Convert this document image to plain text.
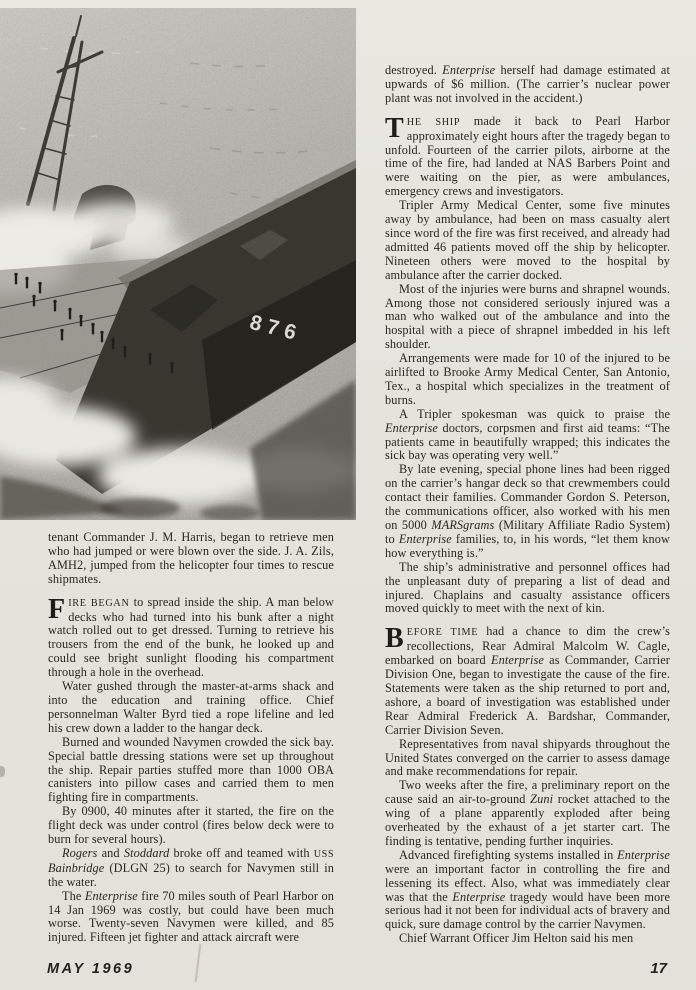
876

tenant Commander J. M. Harris, began to retrieve men who had jumped or were blown over the side. J. A. Zils, AMH2, jumped from the helicopter four times to rescue shipmates.

FIRE BEGAN to spread inside the ship. A man below decks who had turned into his bunk after a night watch rolled out to get dressed. Turning to retrieve his trousers from the end of the bunk, he looked up and could see bright sunlight flooding his compartment through a hole in the overhead.

Water gushed through the master-at-arms shack and into the education and training office. Chief personnelman Walter Byrd tied a rope lifeline and led his crew down a ladder to the hangar deck.

Burned and wounded Navymen crowded the sick bay. Special battle dressing stations were set up throughout the ship. Repair parties stuffed more than 1000 OBA canisters into pillow cases and carried them to men fighting fire in compartments.

By 0900, 40 minutes after it started, the fire on the flight deck was under control (fires below deck were to burn for several hours).

Rogers and Stoddard broke off and teamed with USS Bainbridge (DLGN 25) to search for Navymen still in the water.

The Enterprise fire 70 miles south of Pearl Harbor on 14 Jan 1969 was costly, but could have been much worse. Twenty-seven Navymen were killed, and 85 injured. Fifteen jet fighter and attack aircraft were

destroyed. Enterprise herself had damage estimated at upwards of $6 million. (The carrier’s nuclear power plant was not involved in the accident.)

THE SHIP made it back to Pearl Harbor approximately eight hours after the tragedy began to unfold. Fourteen of the carrier pilots, airborne at the time of the fire, had landed at NAS Barbers Point and were waiting on the pier, as were ambulances, emergency crews and investigators.

Tripler Army Medical Center, some five minutes away by ambulance, had been on mass casualty alert since word of the fire was first received, and already had admitted 46 patients moved off the ship by helicopter. Nineteen others were moved to the hospital by ambulance after the carrier docked.

Most of the injuries were burns and shrapnel wounds. Among those not considered seriously injured was a man who walked out of the ambulance and into the hospital with a piece of shrapnel imbedded in his left shoulder.

Arrangements were made for 10 of the injured to be airlifted to Brooke Army Medical Center, San Antonio, Tex., a hospital which specializes in the treatment of burns.

A Tripler spokesman was quick to praise the Enterprise doctors, corpsmen and first aid teams: “The patients came in beautifully wrapped; this indicates the sick bay was operating very well.”

By late evening, special phone lines had been rigged on the carrier’s hangar deck so that crewmembers could contact their families. Commander Gordon S. Peterson, the communications officer, also worked with his men on 5000 MARSgrams (Military Affiliate Radio System) to Enterprise families, to, in his words, “let them know how everything is.”

The ship’s administrative and personnel offices had the unpleasant duty of preparing a list of dead and injured. Chaplains and casualty assistance officers moved quickly to meet with the next of kin.

BEFORE TIME had a chance to dim the crew’s recollections, Rear Admiral Malcolm W. Cagle, embarked on board Enterprise as Commander, Carrier Division One, began to investigate the cause of the fire. Statements were taken as the ship returned to port and, ashore, a board of investigation was established under Rear Admiral Frederick A. Bardshar, Commander, Carrier Division Seven.

Representatives from naval shipyards throughout the United States converged on the carrier to assess damage and make recommendations for repair.

Two weeks after the fire, a preliminary report on the cause said an air-to-ground Zuni rocket attached to the wing of a plane apparently exploded after being overheated by the exhaust of a jet starter cart. The finding is tentative, pending further inquiries.

Advanced firefighting systems installed in Enterprise were an important factor in controlling the fire and lessening its effect. Also, what was immediately clear was that the Enterprise tragedy would have been more serious had it not been for individual acts of bravery and quick, sure damage control by the carrier Navymen.

Chief Warrant Officer Jim Helton said his men

MAY 1969	17
